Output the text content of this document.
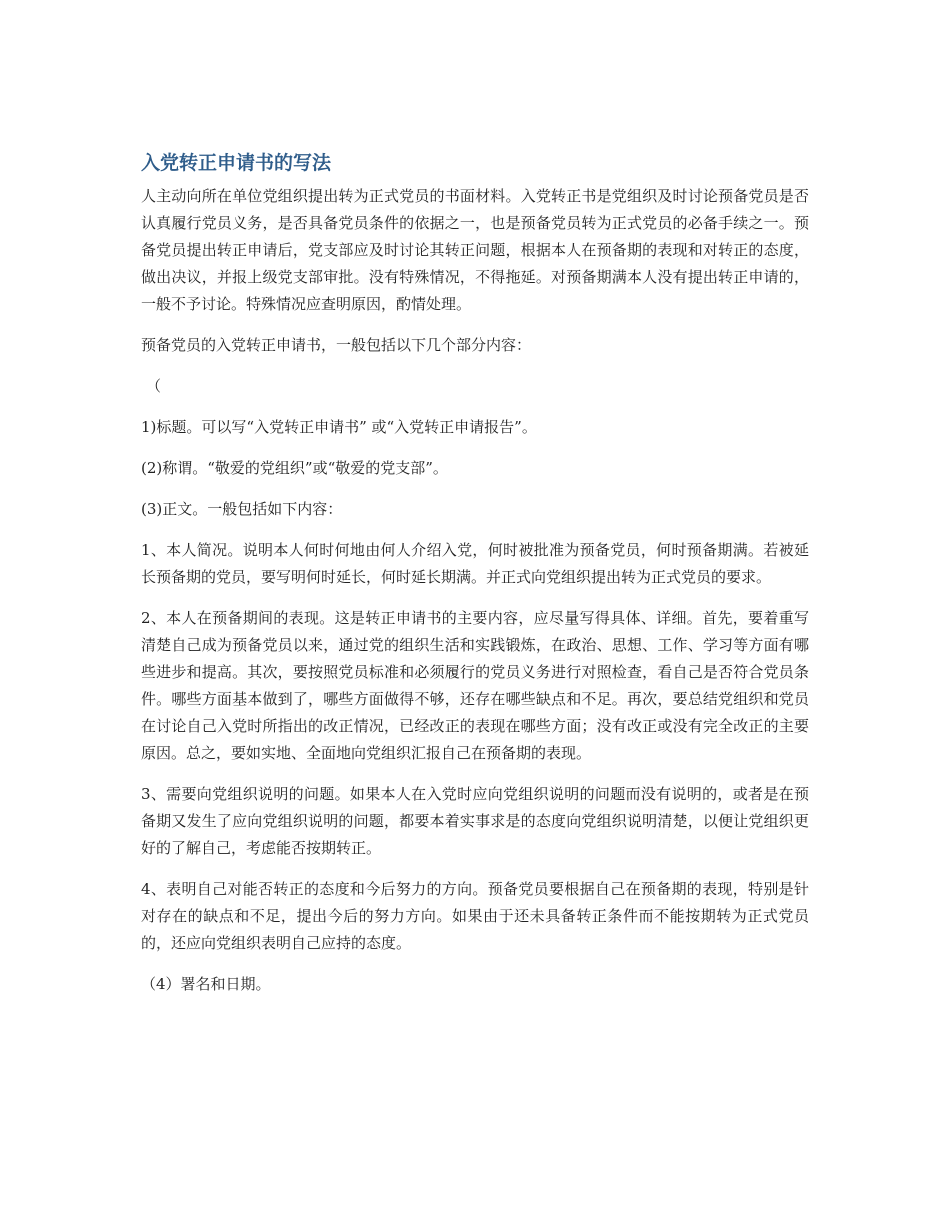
入党转正申请书的写法

人主动向所在单位党组织提出转为正式党员的书面材料。入党转正书是党组织及时讨论预备党员是否认真履行党员义务，是否具备党员条件的依据之一，也是预备党员转为正式党员的必备手续之一。预备党员提出转正申请后，党支部应及时讨论其转正问题，根据本人在预备期的表现和对转正的态度，做出决议，并报上级党支部审批。没有特殊情况，不得拖延。对预备期满本人没有提出转正申请的，一般不予讨论。特殊情况应查明原因，酌情处理。

预备党员的入党转正申请书，一般包括以下几个部分内容：

（

1)标题。可以写“入党转正申请书” 或“入党转正申请报告”。

(2)称谓。“敬爱的党组织”或“敬爱的党支部”。

(3)正文。一般包括如下内容：

1、本人简况。说明本人何时何地由何人介绍入党，何时被批准为预备党员，何时预备期满。若被延长预备期的党员，要写明何时延长，何时延长期满。并正式向党组织提出转为正式党员的要求。

2、本人在预备期间的表现。这是转正申请书的主要内容，应尽量写得具体、详细。首先，要着重写清楚自己成为预备党员以来，通过党的组织生活和实践锻炼，在政治、思想、工作、学习等方面有哪些进步和提高。其次，要按照党员标准和必须履行的党员义务进行对照检查，看自己是否符合党员条件。哪些方面基本做到了，哪些方面做得不够，还存在哪些缺点和不足。再次，要总结党组织和党员在讨论自己入党时所指出的改正情况，已经改正的表现在哪些方面；没有改正或没有完全改正的主要原因。总之，要如实地、全面地向党组织汇报自己在预备期的表现。

3、需要向党组织说明的问题。如果本人在入党时应向党组织说明的问题而没有说明的，或者是在预备期又发生了应向党组织说明的问题，都要本着实事求是的态度向党组织说明清楚，以便让党组织更好的了解自己，考虑能否按期转正。

4、表明自己对能否转正的态度和今后努力的方向。预备党员要根据自己在预备期的表现，特别是针对存在的缺点和不足，提出今后的努力方向。如果由于还未具备转正条件而不能按期转为正式党员的，还应向党组织表明自己应持的态度。

（4）署名和日期。
